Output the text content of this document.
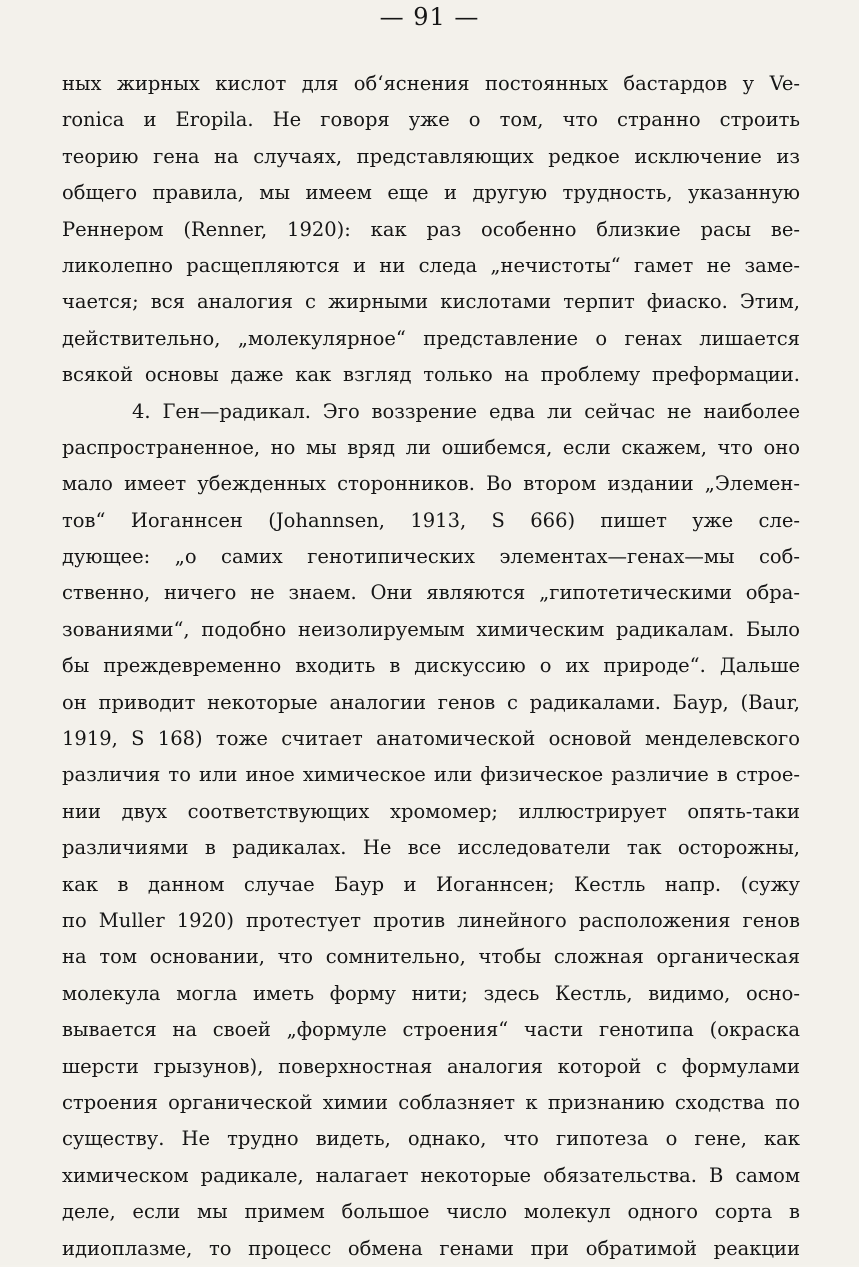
— 91 —
ных жирных кислот для об‘яснения постоянных бастардов у Ve-
ronica и Eropila. Не говоря уже о том, что странно строить
теорию гена на случаях, представляющих редкое исключение из
общего правила, мы имеем еще и другую трудность, указанную
Реннером (Renner, 1920): как раз особенно близкие расы ве-
ликолепно расщепляются и ни следа „нечистоты“ гамет не заме-
чается; вся аналогия с жирными кислотами терпит фиаско. Этим,
действительно, „молекулярное“ представление о генах лишается
всякой основы даже как взгляд только на проблему преформации.
4. Ген—радикал. Эго воззрение едва ли сейчас не наиболее
распространенное, но мы вряд ли ошибемся, если скажем, что оно
мало имеет убежденных сторонников. Во втором издании „Элемен-
тов“ Иоганнсен (Johannsen, 1913, S 666) пишет уже сле-
дующее: „о самих генотипических элементах—генах—мы соб-
ственно, ничего не знаем. Они являются „гипотетическими обра-
зованиями“, подобно неизолируемым химическим радикалам. Было
бы преждевременно входить в дискуссию о их природе“. Дальше
он приводит некоторые аналогии генов с радикалами. Баур, (Baur,
1919, S 168) тоже считает анатомической основой менделевского
различия то или иное химическое или физическое различие в строе-
нии двух соответствующих хромомер; иллюстрирует опять-таки
различиями в радикалах. Не все исследователи так осторожны,
как в данном случае Баур и Иоганнсен; Кестль напр. (сужу
по Muller 1920) протестует против линейного расположения генов
на том основании, что сомнительно, чтобы сложная органическая
молекула могла иметь форму нити; здесь Кестль, видимо, осно-
вывается на своей „формуле строения“ части генотипа (окраска
шерсти грызунов), поверхностная аналогия которой с формулами
строения органической химии соблазняет к признанию сходства по
существу. Не трудно видеть, однако, что гипотеза о гене, как
химическом радикале, налагает некоторые обязательства. В самом
деле, если мы примем большое число молекул одного сорта в
идиоплазме, то процесс обмена генами при обратимой реакции
